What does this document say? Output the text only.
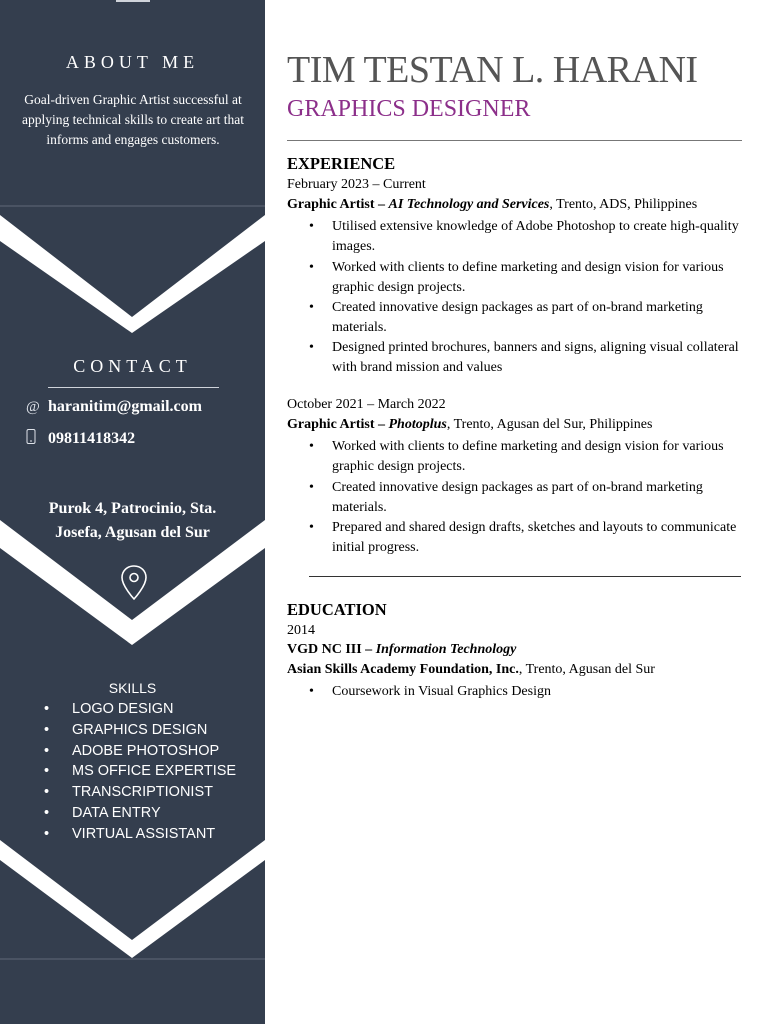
ABOUT ME
Goal-driven Graphic Artist successful at applying technical skills to create art that informs and engages customers.
CONTACT
@ haranitim@gmail.com
09811418342
Purok 4, Patrocinio, Sta. Josefa, Agusan del Sur
SKILLS
• LOGO DESIGN
• GRAPHICS DESIGN
• ADOBE PHOTOSHOP
• MS OFFICE EXPERTISE
• TRANSCRIPTIONIST
• DATA ENTRY
• VIRTUAL ASSISTANT
TIM TESTAN L. HARANI
GRAPHICS DESIGNER
EXPERIENCE
February 2023 – Current
Graphic Artist – AI Technology and Services, Trento, ADS, Philippines
• Utilised extensive knowledge of Adobe Photoshop to create high-quality images.
• Worked with clients to define marketing and design vision for various graphic design projects.
• Created innovative design packages as part of on-brand marketing materials.
• Designed printed brochures, banners and signs, aligning visual collateral with brand mission and values
October 2021 – March 2022
Graphic Artist – Photoplus, Trento, Agusan del Sur, Philippines
• Worked with clients to define marketing and design vision for various graphic design projects.
• Created innovative design packages as part of on-brand marketing materials.
• Prepared and shared design drafts, sketches and layouts to communicate initial progress.
EDUCATION
2014
VGD NC III – Information Technology
Asian Skills Academy Foundation, Inc., Trento, Agusan del Sur
• Coursework in Visual Graphics Design
